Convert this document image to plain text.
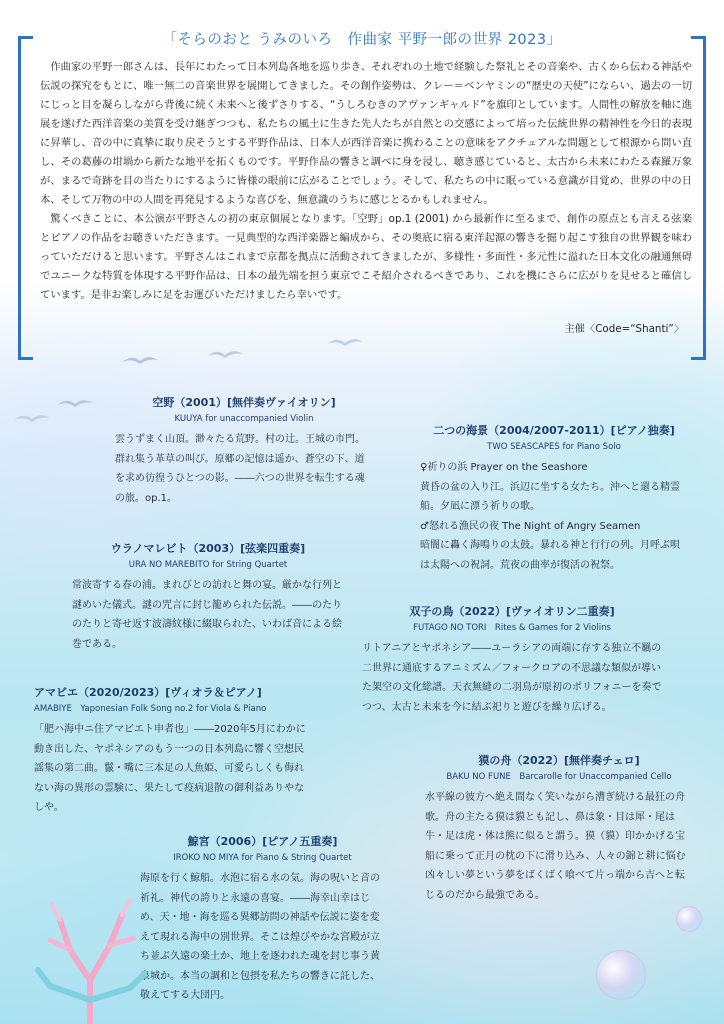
「そらのおと うみのいろ　作曲家 平野一郎の世界 2023」

作曲家の平野一郎さんは、長年にわたって日本列島各地を巡り歩き、それぞれの土地で経験した祭礼とその音楽や、古くから伝わる神話や伝説の探究をもとに、唯一無二の音楽世界を展開してきました。その創作姿勢は、クレー＝ベンヤミンの“歴史の天使”にならい、過去の一切にじっと目を凝らしながら背後に続く未来へと後ずさりする、“うしろむきのアヴァンギャルド”を旗印としています。人間性の解放を軸に進展を遂げた西洋音楽の美質を受け継ぎつつも、私たちの風土に生きた先人たちが自然との交感によって培った伝統世界の精神性を今日的表現に昇華し、音の中に真摯に取り戻そうとする平野作品は、日本人が西洋音楽に携わることの意味をアクチュアルな問題として根源から問い直し、その葛藤の坩堝から新たな地平を拓くものです。平野作品の響きと調べに身を浸し、聴き感じていると、太古から未来にわたる森羅万象が、まるで奇跡を目の当たりにするように皆様の眼前に広がることでしょう。そして、私たちの中に眠っている意識が目覚め、世界の中の日本、そして万物の中の人間を再発見するような喜びを、無意識のうちに感じとるかもしれません。

驚くべきことに、本公演が平野さんの初の東京個展となります。「空野」op.1 (2001) から最新作に至るまで、創作の原点とも言える弦楽とピアノの作品をお聴きいただきます。一見典型的な西洋楽器と編成から、その奥底に宿る東洋起源の響きを掘り起こす独自の世界観を味わっていただけると思います。平野さんはこれまで京都を拠点に活動されてきましたが、多様性・多面性・多元性に溢れた日本文化の融通無碍でユニークな特質を体現する平野作品は、日本の最先端を担う東京でこそ紹介されるべきであり、これを機にさらに広がりを見せると確信しています。是非お楽しみに足をお運びいただけましたら幸いです。

主催〈Code=“Shanti”〉
空野（2001）[無伴奏ヴァイオリン]
KUUYA for unaccompanied Violin
雲うずまく山頂。渺々たる荒野。村の辻。王城の市門。群れ集う革草の叫び。原郷の記憶は遥か、蒼空の下、道を求め彷徨うひとつの影。――六つの世界を転生する魂の旅。op.1。
二つの海景（2004/2007-2011）[ピアノ独奏]
TWO SEASCAPES for Piano Solo
♀祈りの浜 Prayer on the Seashore
黄昏の盆の入り江。浜辺に坐する女たち。沖へと還る精霊船。夕凪に漂う祈りの歌。
♂怒れる漁民の夜 The Night of Angry Seamen
暗闇に轟く海鳴りの太鼓。暴れる神と行行の列。月呼ぶ唄は太陽への祝詞。荒夜の曲率が復活の祝祭。
ウラノマレビト（2003）[弦楽四重奏]
URA NO MAREBITO for String Quartet
常波寄する春の浦。まれびとの訪れと舞の宴。厳かな行列と謎めいた儀式。謎の咒言に封じ籠められた伝説。――のたりのたりと寄せ返す波濤紋様に綴取られた、いわば音による絵巻である。
双子の鳥（2022）[ヴァイオリン二重奏]
FUTAGO NO TORI　Rites & Games for 2 Violins
リトアニアとヤポネシア――ユーラシアの両端に存する独立不羈の二世界に通底するアニミズム／フォークロアの不思議な類似が導いた架空の文化総譜。天衣無縫の二羽鳥が原初のポリフォニーを奏でつつ、太古と未来を今に結ぶ祀りと遊びを繰り広げる。
アマビエ（2020/2023）[ヴィオラ＆ピアノ]
AMABIYE　Yaponesian Folk Song no.2 for Viola & Piano
「肥ハ海中ニ住アマビエト申者也」――2020年5月にわかに動き出した、ヤポネシアのもう一つの日本列島に響く空想民謡集の第二曲。鬣・嘴に三本足の人魚姫、可愛らしくも侮れない海の異形の霊験に、果たして疫病退散の御利益ありやなしや。
獏の舟（2022）[無伴奏チェロ]
BAKU NO FUNE　Barcarolle for Unaccompanied Cello
水平線の彼方へ絶え間なく笑いながら漕ぎ続ける最狂の舟歌。舟の主たる獏は貘とも記し、鼻は象・目は犀・尾は牛・足は虎・体は熊に似ると謂う。獏（貘）印かかげる宝船に乗って正月の枕の下に滑り込み、人々の錦と耕に悩む凶々しい夢という夢をばくばく喰べて片っ端から吉へと転じるのだから最強である。
鯨宮（2006）[ピアノ五重奏]
IROKO NO MIYA for Piano & String Quartet
海原を行く鯨船。水泡に宿る水の気。海の呪いと音の祈礼。神代の誇りと永遠の喜宴。――海幸山幸はじめ、天・地・海を巡る異郷訪問の神話や伝説に姿を変えて現れる海中の別世界。そこは煌びやかな宮殿が立ち並ぶ久遠の楽土か、地上を逐われた魂を封じ事う黄泉城か。本当の調和と包摂を私たちの響きに託した、敬えてする大団円。
